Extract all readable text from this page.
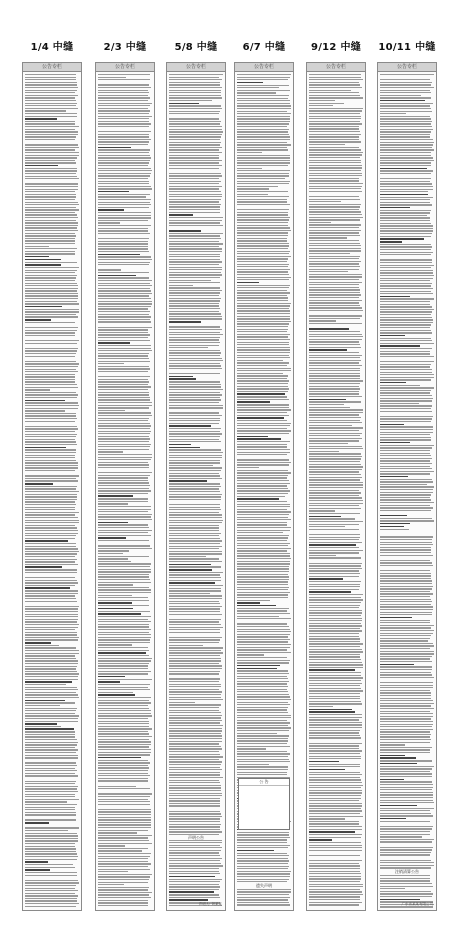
1/4 中缝
公告专栏
2/3 中缝
公告专栏
5/8 中缝
公告专栏
声明公告
声明人: 刘某某
6/7 中缝
公告专栏
公 告
遗失声明
9/12 中缝
公告专栏
10/11 中缝
公告专栏
注销清算公告
广东省某某有限公司
